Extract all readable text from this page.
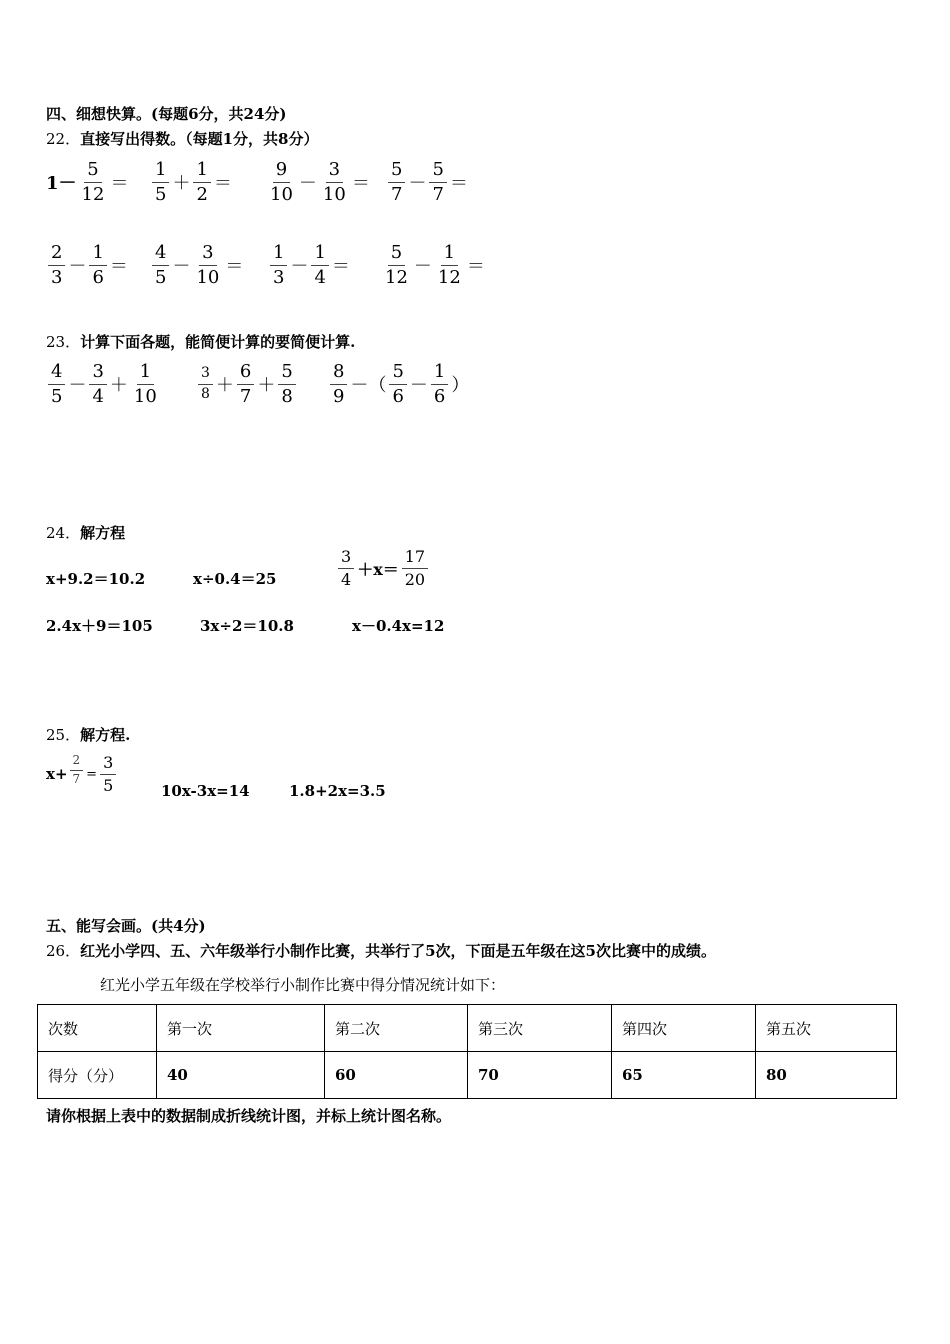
四、细想快算。(每题6分，共24分)
22．直接写出得数。（每题1分，共8分）
$1- \frac{5}{12} = \frac{1}{5} + \frac{1}{2} = \frac{9}{10} - \frac{3}{10} = \frac{5}{7} - \frac{5}{7}$ ＝
$\frac{2}{3} - \frac{1}{6} = \frac{4}{5} - \frac{3}{10} = \frac{1}{3} - \frac{1}{4} = \frac{5}{12} - \frac{1}{12}$ ＝
23．计算下面各题，能简便计算的要简便计算.
$\frac{4}{5} - \frac{3}{4} + \frac{1}{10}$	$\frac{3}{8} + \frac{6}{7} + \frac{5}{8} \frac{8}{9}$ －（ $\frac{5}{6} - \frac{1}{6}$ ）
24．解方程
x+9.2＝10.2	x÷0.4＝25	$\frac{3}{4} +x= \frac{17}{20}$
2.4x＋9＝105	3x÷2＝10.8	x－0.4x=12
25．解方程.
$x+ \frac{2}{7} = \frac{3}{5}$	10x-3x=14	1.8+2x=3.5
五、能写会画。(共4分)
26．红光小学四、五、六年级举行小制作比赛，共举行了5次，下面是五年级在这5次比赛中的成绩。
红光小学五年级在学校举行小制作比赛中得分情况统计如下：
次数	第一次	第二次	第三次	第四次	第五次
得分（分）	40	60	70	65	80
请你根据上表中的数据制成折线统计图，并标上统计图名称。
